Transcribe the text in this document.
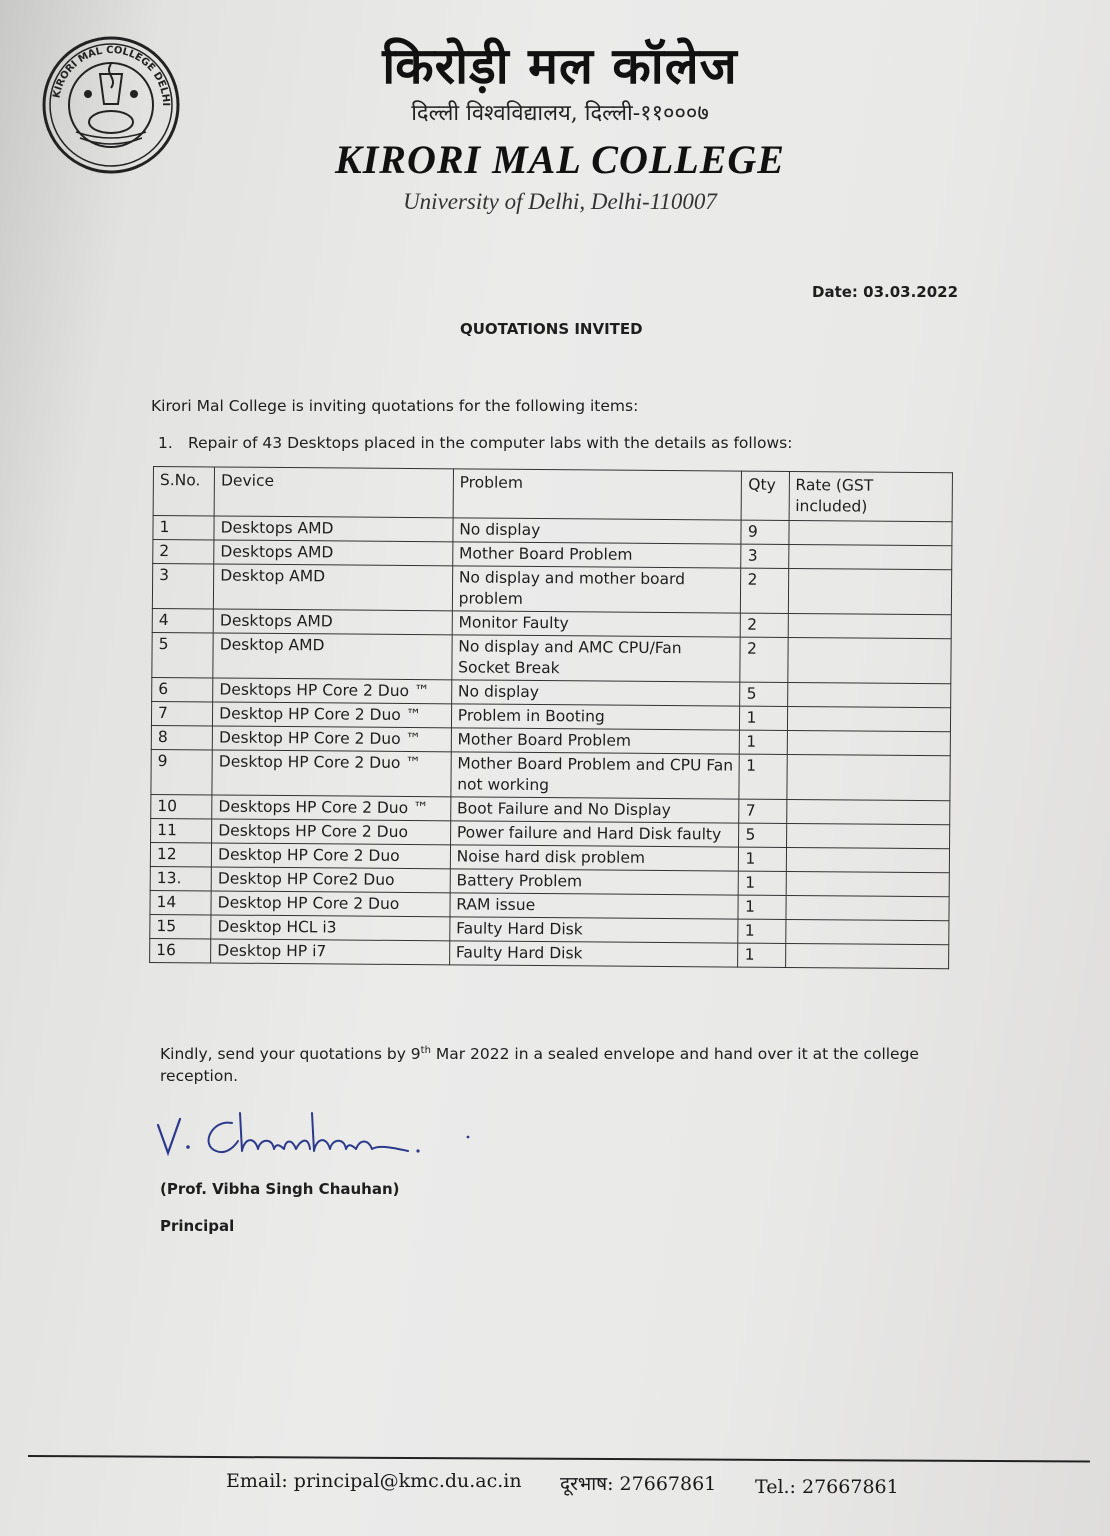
KIRORI MAL COLLEGE DELHI
किरोड़ी मल कॉलेज
दिल्ली विश्वविद्यालय, दिल्ली-११०००७
KIRORI MAL COLLEGE
University of Delhi, Delhi-110007
Date: 03.03.2022
QUOTATIONS INVITED
Kirori Mal College is inviting quotations for the following items:
1. Repair of 43 Desktops placed in the computer labs with the details as follows:
S.No.	Device	Problem	Qty	Rate (GST included)
1	Desktops AMD	No display	9	
2	Desktops AMD	Mother Board Problem	3	
3	Desktop AMD	No display and mother board problem	2	
4	Desktops AMD	Monitor Faulty	2	
5	Desktop AMD	No display and AMC CPU/Fan Socket Break	2	
6	Desktops HP Core 2 Duo ™	No display	5	
7	Desktop HP Core 2 Duo ™	Problem in Booting	1	
8	Desktop HP Core 2 Duo ™	Mother Board Problem	1	
9	Desktop HP Core 2 Duo ™	Mother Board Problem and CPU Fan not working	1	
10	Desktops HP Core 2 Duo ™	Boot Failure and No Display	7	
11	Desktops HP Core 2 Duo	Power failure and Hard Disk faulty	5	
12	Desktop HP Core 2 Duo	Noise hard disk problem	1	
13.	Desktop HP Core2 Duo	Battery Problem	1	
14	Desktop HP Core 2 Duo	RAM issue	1	
15	Desktop HCL i3	Faulty Hard Disk	1	
16	Desktop HP i7	Faulty Hard Disk	1	
Kindly, send your quotations by 9th Mar 2022 in a sealed envelope and hand over it at the college reception.
(Prof. Vibha Singh Chauhan)
Principal
Email: principal@kmc.du.ac.in दूरभाष: 27667861 Tel.: 27667861
